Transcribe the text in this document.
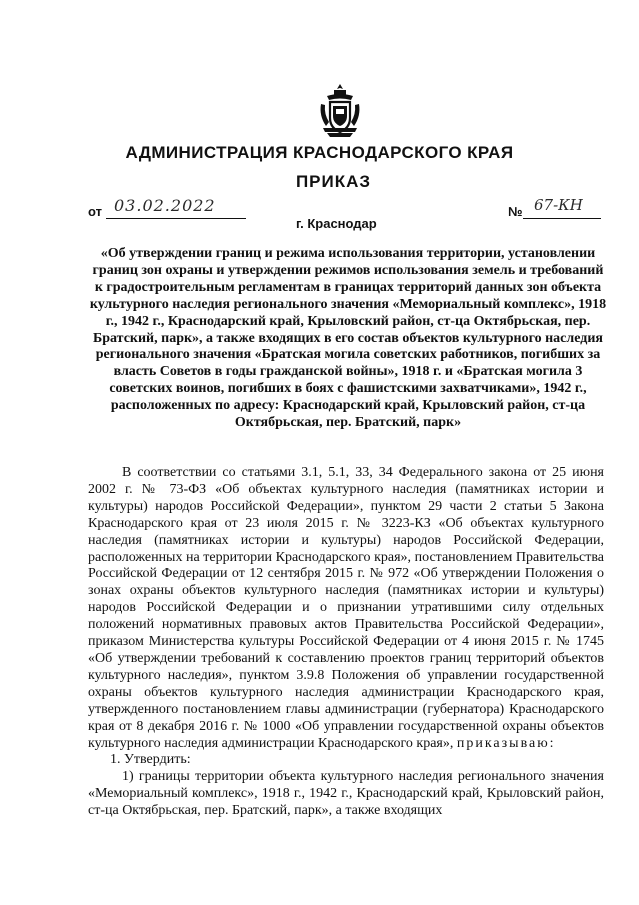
АДМИНИСТРАЦИЯ КРАСНОДАРСКОГО КРАЯ
ПРИКАЗ
от 03.02.2022
г. Краснодар
№ 67-КН
«Об утверждении границ и режима использования территории, установлении границ зон охраны и утверждении режимов использования земель и требований к градостроительным регламентам в границах территорий данных зон объекта культурного наследия регионального значения «Мемориальный комплекс», 1918 г., 1942 г., Краснодарский край, Крыловский район, ст-ца Октябрьская, пер. Братский, парк», а также входящих в его состав объектов культурного наследия регионального значения «Братская могила советских работников, погибших за власть Советов в годы гражданской войны», 1918 г. и «Братская могила 3 советских воинов, погибших в боях с фашистскими захватчиками», 1942 г., расположенных по адресу: Краснодарский край, Крыловский район, ст-ца Октябрьская, пер. Братский, парк»

В соответствии со статьями 3.1, 5.1, 33, 34 Федерального закона от 25 июня 2002 г. № 73-ФЗ «Об объектах культурного наследия (памятниках истории и культуры) народов Российской Федерации», пунктом 29 части 2 статьи 5 Закона Краснодарского края от 23 июля 2015 г. № 3223-КЗ «Об объектах культурного наследия (памятниках истории и культуры) народов Российской Федерации, расположенных на территории Краснодарского края», постановлением Правительства Российской Федерации от 12 сентября 2015 г. № 972 «Об утверждении Положения о зонах охраны объектов культурного наследия (памятниках истории и культуры) народов Российской Федерации и о признании утратившими силу отдельных положений нормативных правовых актов Правительства Российской Федерации», приказом Министерства культуры Российской Федерации от 4 июня 2015 г. № 1745 «Об утверждении требований к составлению проектов границ территорий объектов культурного наследия», пунктом 3.9.8 Положения об управлении государственной охраны объектов культурного наследия администрации Краснодарского края, утвержденного постановлением главы администрации (губернатора) Краснодарского края от 8 декабря 2016 г. № 1000 «Об управлении государственной охраны объектов культурного наследия администрации Краснодарского края», приказываю:

1. Утвердить:

1) границы территории объекта культурного наследия регионального значения «Мемориальный комплекс», 1918 г., 1942 г., Краснодарский край, Крыловский район, ст-ца Октябрьская, пер. Братский, парк», а также входящих
